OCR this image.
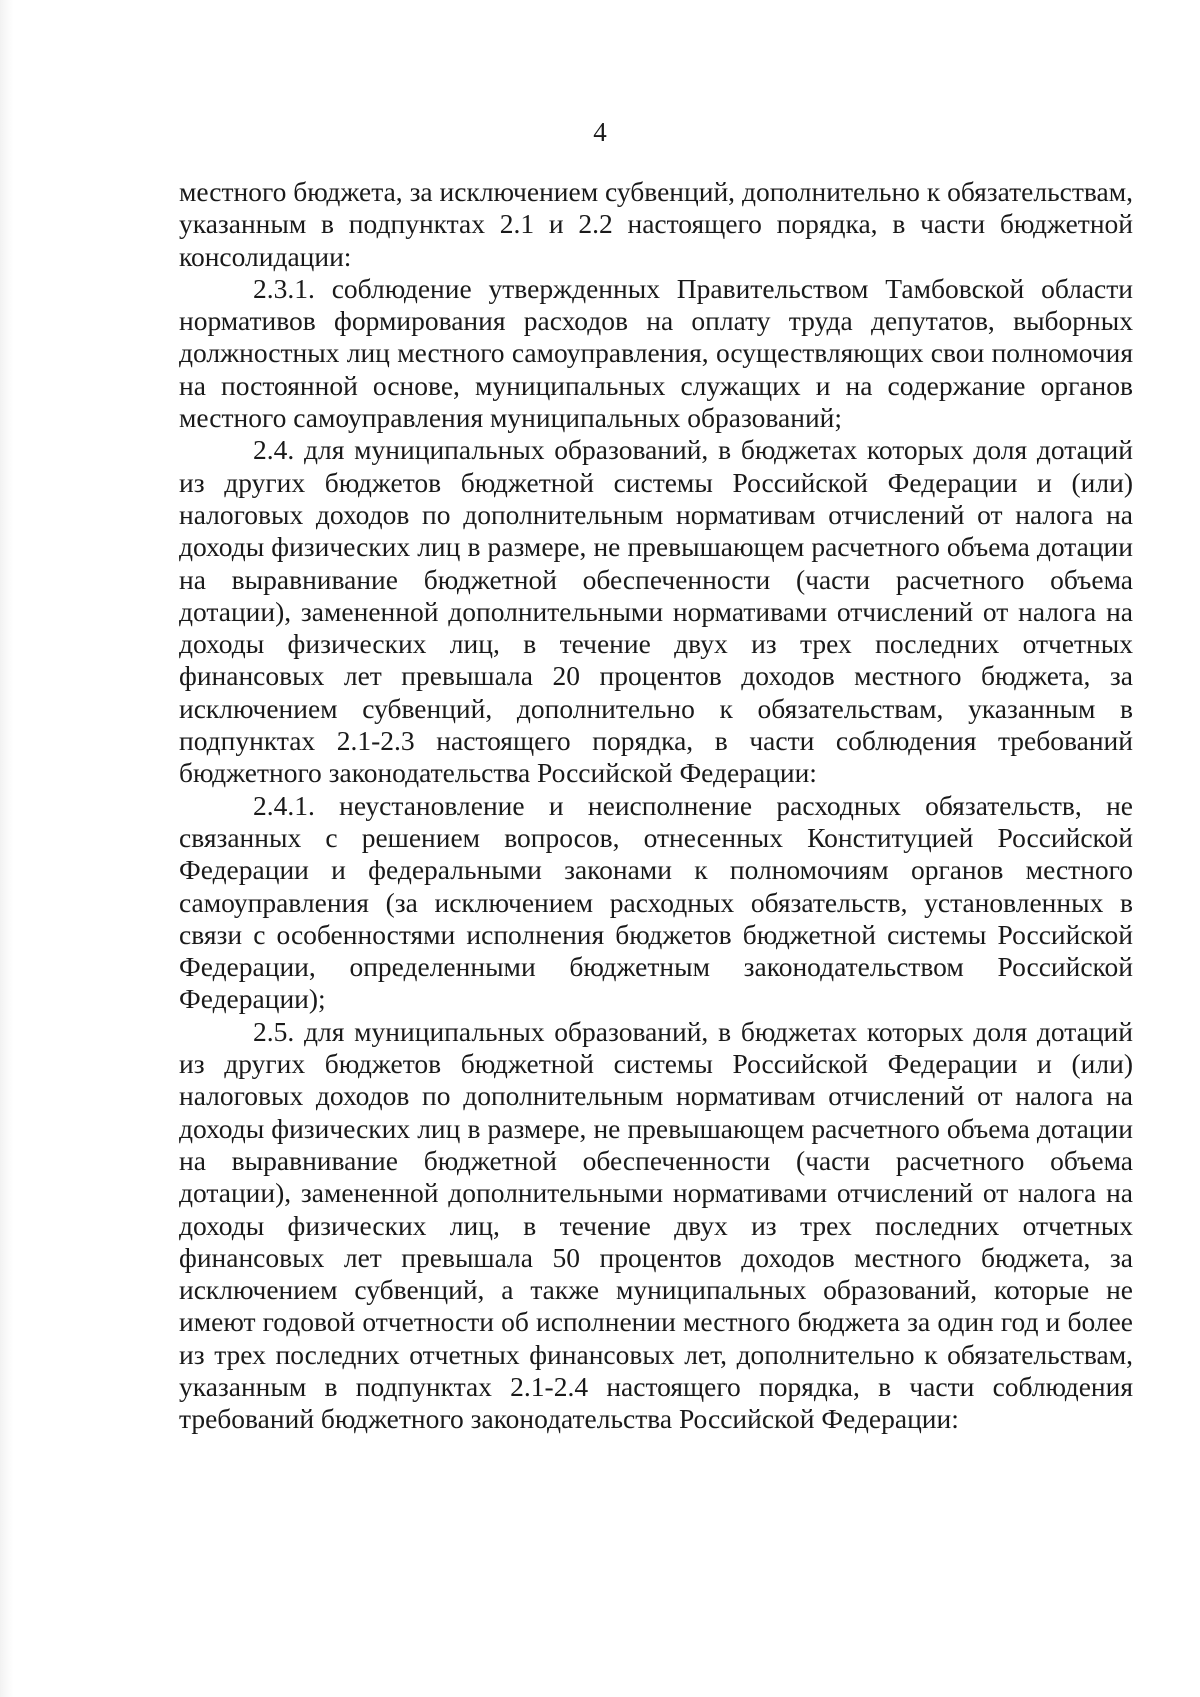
4

местного бюджета, за исключением субвенций, дополнительно к обязательствам, указанным в подпунктах 2.1 и 2.2 настоящего порядка, в части бюджетной консолидации:

2.3.1. соблюдение утвержденных Правительством Тамбовской области нормативов формирования расходов на оплату труда депутатов, выборных должностных лиц местного самоуправления, осуществляющих свои полномочия на постоянной основе, муниципальных служащих и на содержание органов местного самоуправления муниципальных образований;

2.4. для муниципальных образований, в бюджетах которых доля дотаций из других бюджетов бюджетной системы Российской Федерации и (или) налоговых доходов по дополнительным нормативам отчислений от налога на доходы физических лиц в размере, не превышающем расчетного объема дотации на выравнивание бюджетной обеспеченности (части расчетного объема дотации), замененной дополнительными нормативами отчислений от налога на доходы физических лиц, в течение двух из трех последних отчетных финансовых лет превышала 20 процентов доходов местного бюджета, за исключением субвенций, дополнительно к обязательствам, указанным в подпунктах 2.1-2.3 настоящего порядка, в части соблюдения требований бюджетного законодательства Российской Федерации:

2.4.1. неустановление и неисполнение расходных обязательств, не связанных с решением вопросов, отнесенных Конституцией Российской Федерации и федеральными законами к полномочиям органов местного самоуправления (за исключением расходных обязательств, установленных в связи с особенностями исполнения бюджетов бюджетной системы Российской Федерации, определенными бюджетным законодательством Российской Федерации);

2.5. для муниципальных образований, в бюджетах которых доля дотаций из других бюджетов бюджетной системы Российской Федерации и (или) налоговых доходов по дополнительным нормативам отчислений от налога на доходы физических лиц в размере, не превышающем расчетного объема дотации на выравнивание бюджетной обеспеченности (части расчетного объема дотации), замененной дополнительными нормативами отчислений от налога на доходы физических лиц, в течение двух из трех последних отчетных финансовых лет превышала 50 процентов доходов местного бюджета, за исключением субвенций, а также муниципальных образований, которые не имеют годовой отчетности об исполнении местного бюджета за один год и более из трех последних отчетных финансовых лет, дополнительно к обязательствам, указанным в подпунктах 2.1-2.4 настоящего порядка, в части соблюдения требований бюджетного законодательства Российской Федерации:
